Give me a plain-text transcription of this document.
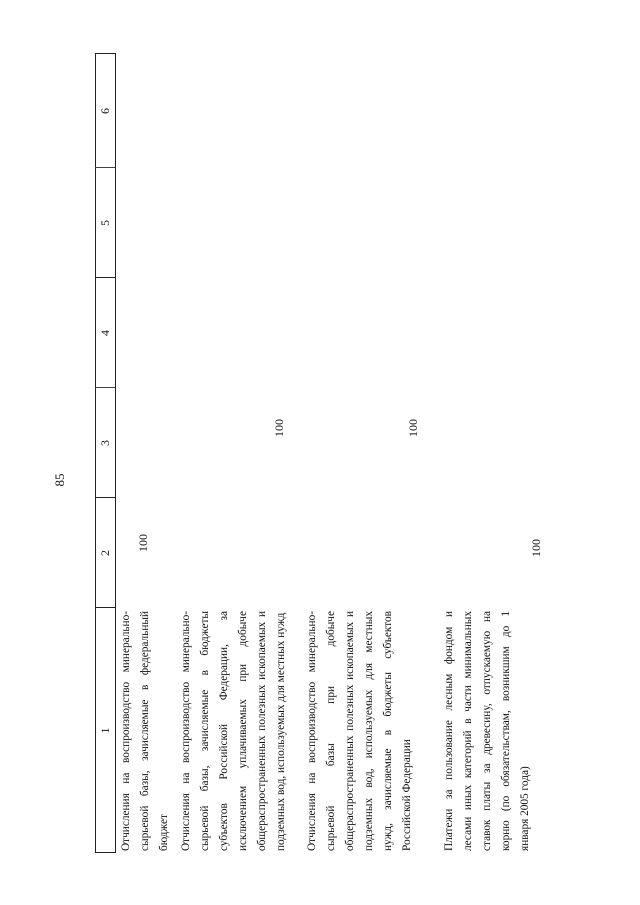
85
1
2
3
4
5
6
Отчисления на воспроизводство минерально-сырьевой базы, зачисляемые в федеральный бюджет
100
Отчисления на воспроизводство минерально-сырьевой базы, зачисляемые в бюджеты субъектов Российской Федерации, за исключением уплачиваемых при добыче общераспространенных полезных ископаемых и подземных вод, используемых для местных нужд
100
Отчисления на воспроизводство минерально-сырьевой базы при добыче общераспространенных полезных ископаемых и подземных вод, используемых для местных нужд, зачисляемые в бюджеты субъектов Российской Федерации
100
Платежи за пользование лесным фондом и лесами иных категорий в части минимальных ставок платы за древесину, отпускаемую на корню (по обязательствам, возникшим до 1 января 2005 года)
100
